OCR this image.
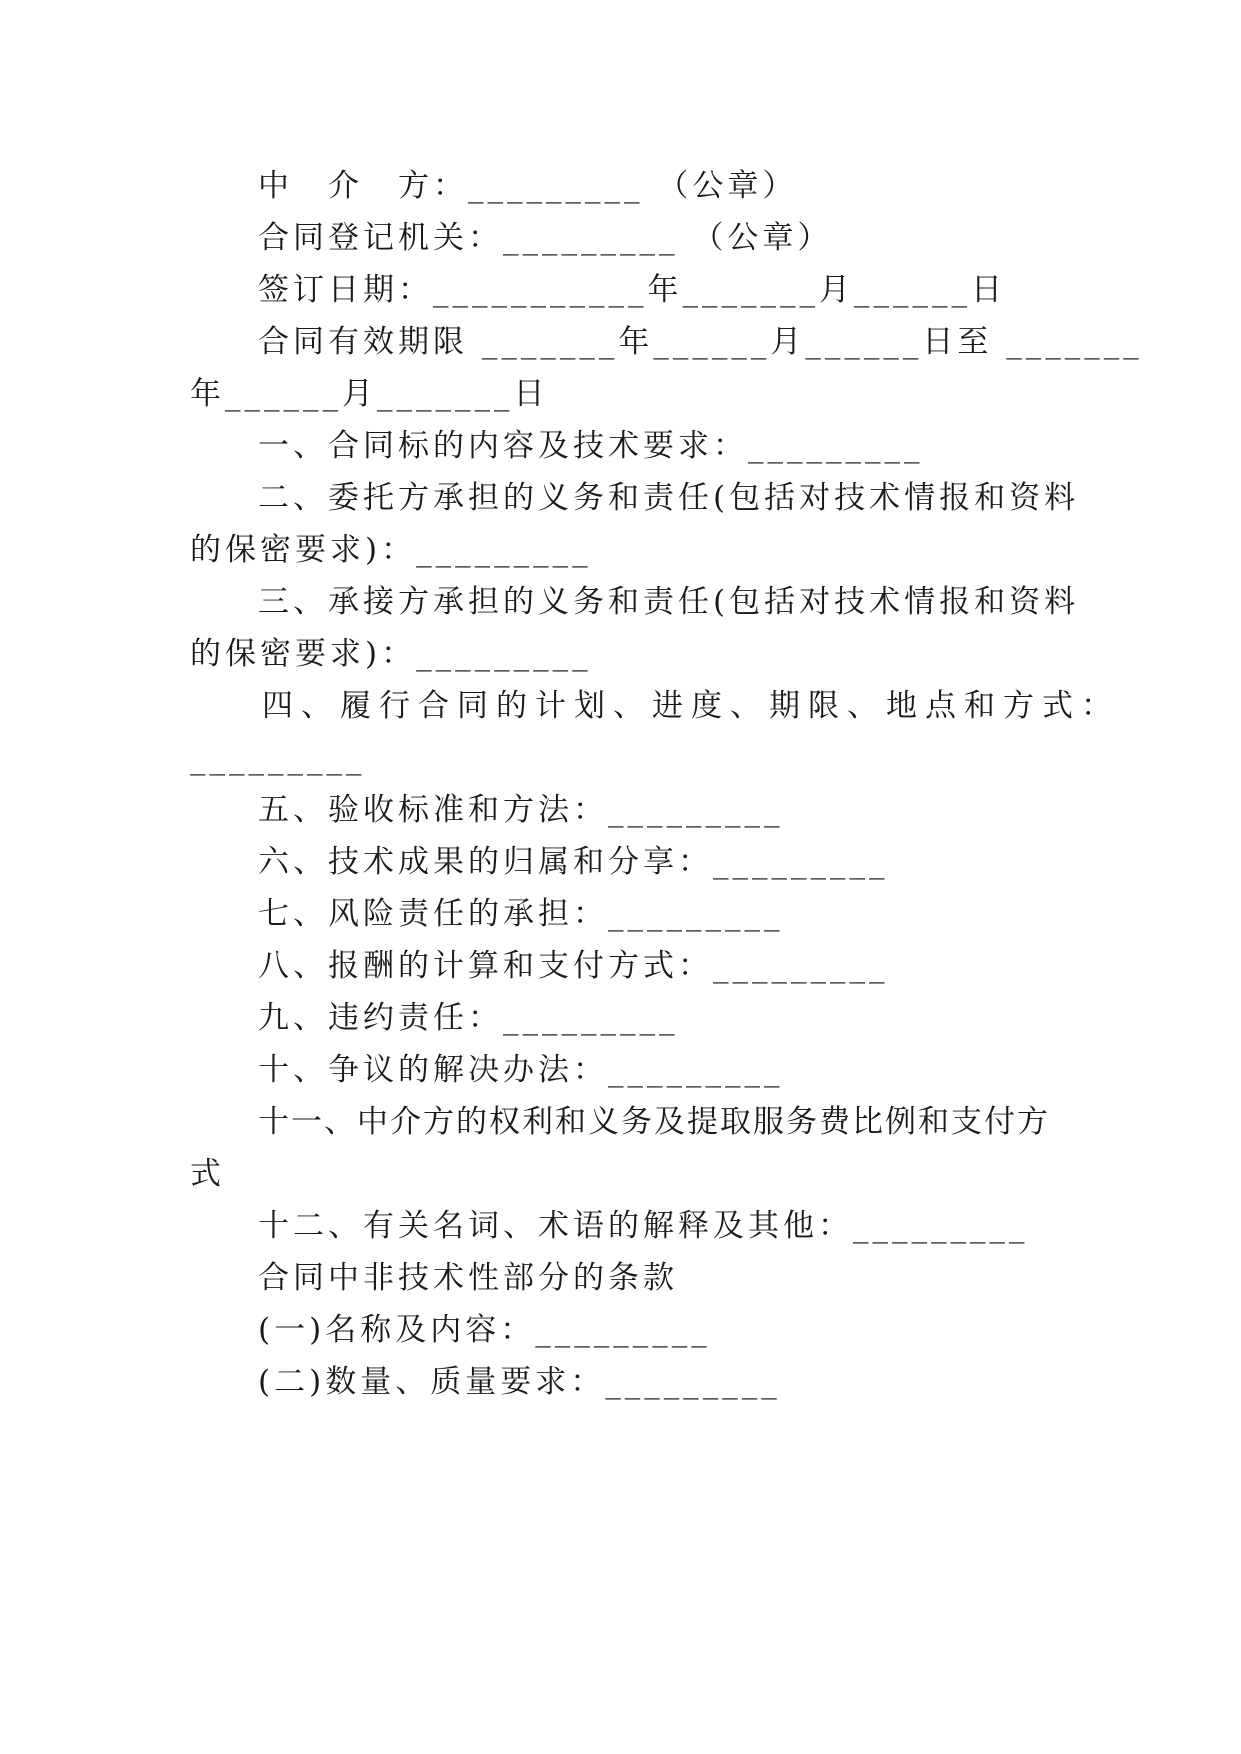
中　介　方：_________ （公章）
合同登记机关：_________ （公章）
签订日期：___________年_______月______日
合同有效期限 _______年______月______日至 _______
年______月_______日
一、合同标的内容及技术要求：_________
二、委托方承担的义务和责任(包括对技术情报和资料
的保密要求)：_________
三、承接方承担的义务和责任(包括对技术情报和资料
的保密要求)：_________
四、履行合同的计划、进度、期限、地点和方式：
_________
五、验收标准和方法：_________
六、技术成果的归属和分享：_________
七、风险责任的承担：_________
八、报酬的计算和支付方式：_________
九、违约责任：_________
十、争议的解决办法：_________
十一、中介方的权利和义务及提取服务费比例和支付方
式
十二、有关名词、术语的解释及其他：_________
合同中非技术性部分的条款
(一)名称及内容：_________
(二)数量、质量要求：_________
